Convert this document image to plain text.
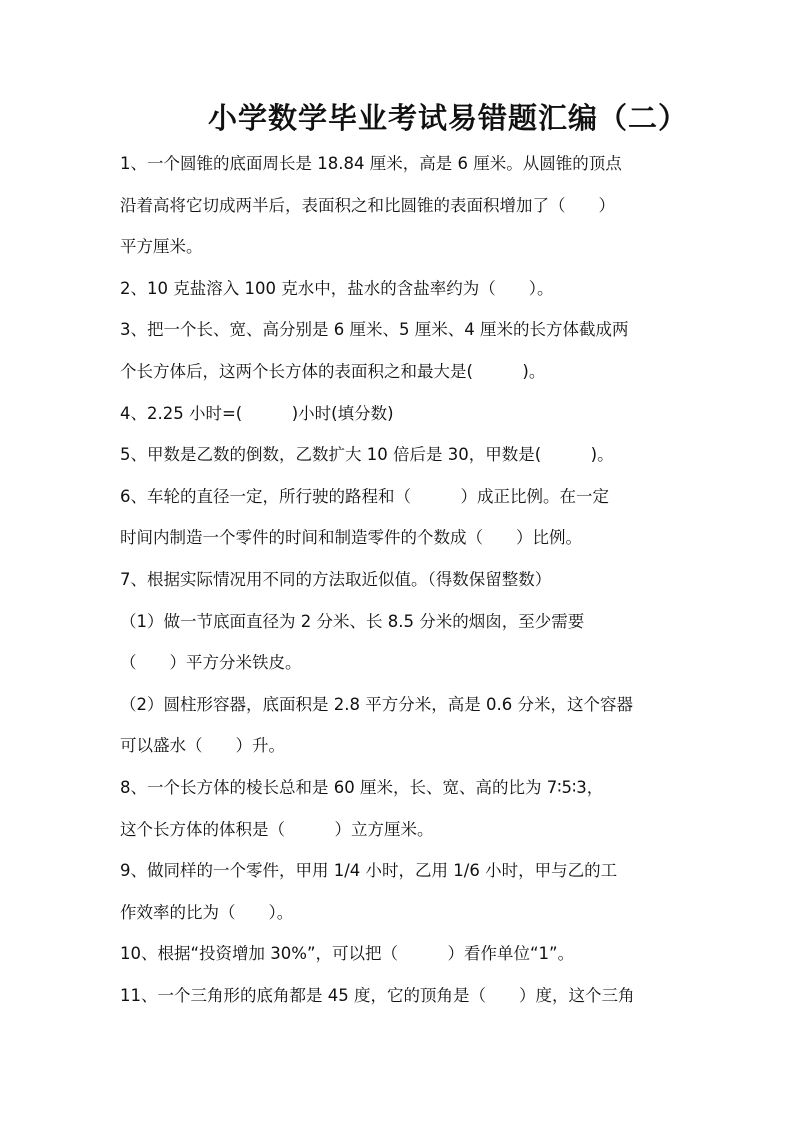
小学数学毕业考试易错题汇编（二）
1、一个圆锥的底面周长是 18.84 厘米，高是 6 厘米。从圆锥的顶点
沿着高将它切成两半后，表面积之和比圆锥的表面积增加了（　　）
平方厘米。
2、10 克盐溶入 100 克水中，盐水的含盐率约为（　　）。
3、把一个长、宽、高分别是 6 厘米、5 厘米、4 厘米的长方体截成两
个长方体后，这两个长方体的表面积之和最大是(　　　)。
4、2.25 小时=(　　　)小时(填分数)
5、甲数是乙数的倒数，乙数扩大 10 倍后是 30，甲数是(　　　)。
6、车轮的直径一定，所行驶的路程和（　　　）成正比例。在一定
时间内制造一个零件的时间和制造零件的个数成（　　）比例。
7、根据实际情况用不同的方法取近似值。（得数保留整数）
（1）做一节底面直径为 2 分米、长 8.5 分米的烟囱，至少需要
（　　）平方分米铁皮。
（2）圆柱形容器，底面积是 2.8 平方分米，高是 0.6 分米，这个容器
可以盛水（　　）升。
8、一个长方体的棱长总和是 60 厘米，长、宽、高的比为 7∶5∶3，
这个长方体的体积是（　　　）立方厘米。
9、做同样的一个零件，甲用 1/4 小时，乙用 1/6 小时，甲与乙的工
作效率的比为（　　）。
10、根据“投资增加 30%”，可以把（　　　）看作单位“1”。
11、一个三角形的底角都是 45 度，它的顶角是（　　）度，这个三角
